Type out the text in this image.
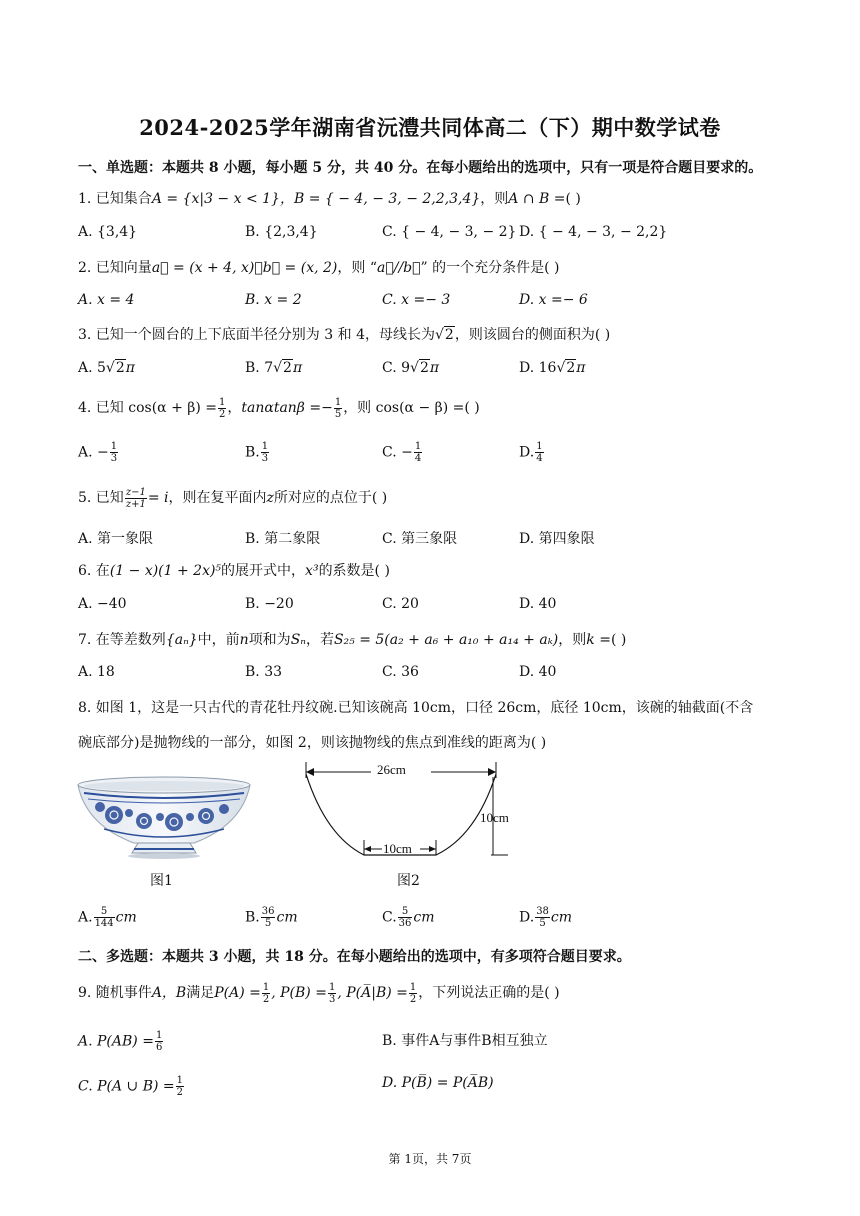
2024-2025学年湖南省沅澧共同体高二（下）期中数学试卷
一、单选题：本题共 8 小题，每小题 5 分，共 40 分。在每小题给出的选项中，只有一项是符合题目要求的。
1. 已知集合A = {x|3 − x < 1}，B = { − 4, − 3, − 2,2,3,4}，则A ∩ B =( )
A. {3,4}	B. {2,3,4}	C. { − 4, − 3, − 2} D. { − 4, − 3, − 2,2}
2. 已知向量a⃗ = (x + 4, x)，b⃗ = (x, 2)，则 “a⃗//b⃗” 的一个充分条件是( )
A. x = 4	B. x = 2	C. x =− 3	D. x =− 6
3. 已知一个圆台的上下底面半径分别为 3 和 4，母线长为√2，则该圆台的侧面积为( )
A. 5√2π	B. 7√2π	C. 9√2π	D. 16√2π
4. 已知 $\cos(\alpha + \beta) = \frac{1}{2}$ ，$\tan\alpha\tan\beta =- \frac{1}{5}$ ，则 cos(α − β) =( )
A. − $\frac{1}{3}$	B. $\frac{1}{3}$	C. − $\frac{1}{4}$	D. $\frac{1}{4}$
5. 已知 $\frac{z-1}{z+1} = i$，则在复平面内z所对应的点位于( )
A. 第一象限	B. 第二象限	C. 第三象限	D. 第四象限
6. 在(1 − x)(1 + 2x)⁵的展开式中，x³的系数是( )
A. −40	B. −20	C. 20	D. 40
7. 在等差数列{aₙ}中，前n项和为Sₙ，若S₂₅ = 5(a₂ + a₆ + a₁₀ + a₁₄ + aₖ)，则k =( )
A. 18	B. 33	C. 36	D. 40
8. 如图 1，这是一只古代的青花牡丹纹碗.已知该碗高 10cm，口径 26cm，底径 10cm，该碗的轴截面(不含
碗底部分)是抛物线的一部分，如图 2，则该抛物线的焦点到准线的距离为( )
图1
26cm
10cm
10cm
图2
A. $\frac{5}{144}$ cm	B. $\frac{36}{5}$ cm	C. $\frac{5}{36}$ cm	D. $\frac{38}{5}$ cm
二、多选题：本题共 3 小题，共 18 分。在每小题给出的选项中，有多项符合题目要求。
9. 随机事件A，B满足$P(A) = \frac{1}{2}$ , $P(B) = \frac{1}{3}$ , P(A̅|B) = $\frac{1}{2}$ ，下列说法正确的是( )
A. $P(AB) = \frac{1}{6}$	B. 事件A与事件B相互独立
C. P(A ∪ $B) = \frac{1}{2}$	D. P(B̅) = P(A̅B)
第 1页，共 7页
